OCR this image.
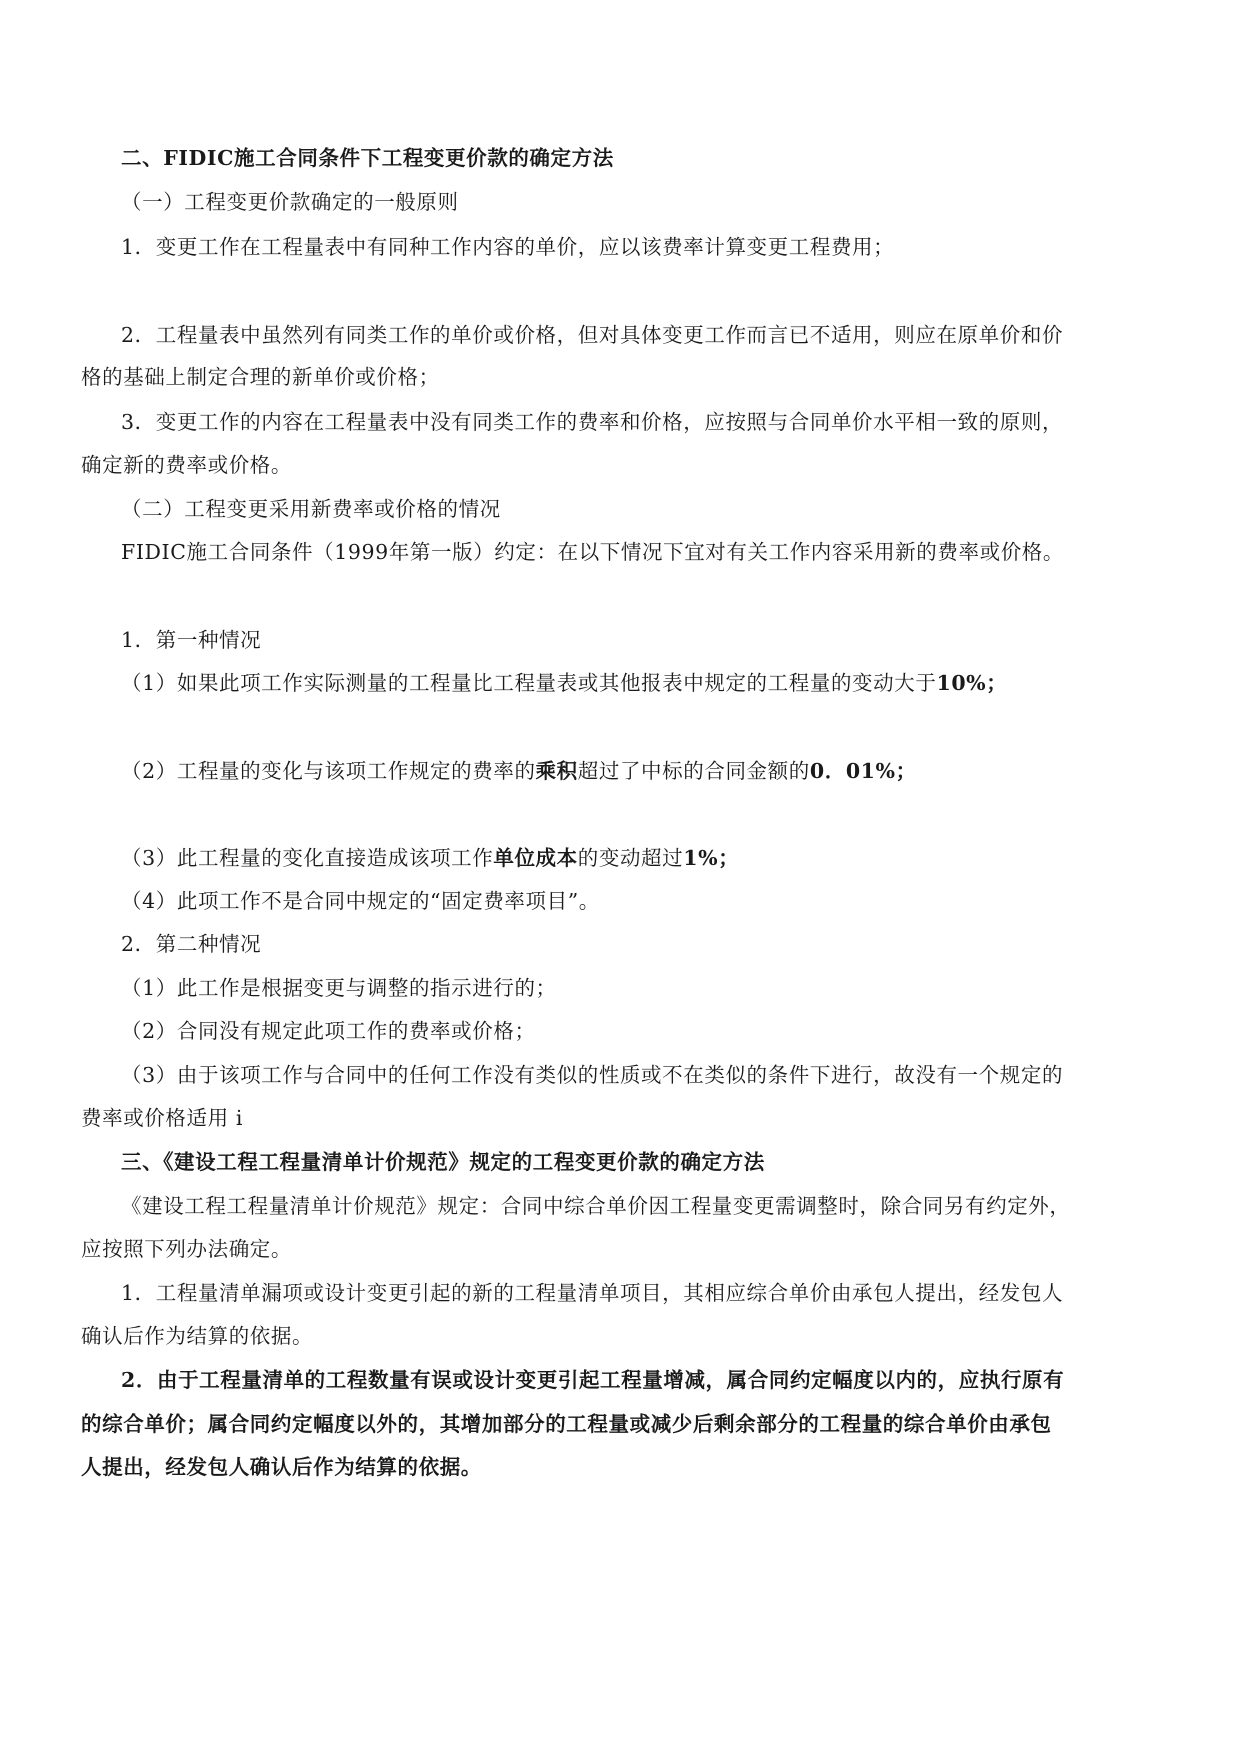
二、FIDIC施工合同条件下工程变更价款的确定方法
（一）工程变更价款确定的一般原则
1．变更工作在工程量表中有同种工作内容的单价，应以该费率计算变更工程费用；
2．工程量表中虽然列有同类工作的单价或价格，但对具体变更工作而言已不适用，则应在原单价和价
格的基础上制定合理的新单价或价格；
3．变更工作的内容在工程量表中没有同类工作的费率和价格，应按照与合同单价水平相一致的原则，
确定新的费率或价格。
（二）工程变更采用新费率或价格的情况
FIDIC施工合同条件（1999年第一版）约定：在以下情况下宜对有关工作内容采用新的费率或价格。
1．第一种情况
（1）如果此项工作实际测量的工程量比工程量表或其他报表中规定的工程量的变动大于10%；
（2）工程量的变化与该项工作规定的费率的乘积超过了中标的合同金额的0．01%；
（3）此工程量的变化直接造成该项工作单位成本的变动超过1%；
（4）此项工作不是合同中规定的“固定费率项目”。
2．第二种情况
（1）此工作是根据变更与调整的指示进行的；
（2）合同没有规定此项工作的费率或价格；
（3）由于该项工作与合同中的任何工作没有类似的性质或不在类似的条件下进行，故没有一个规定的
费率或价格适用 i
三、《建设工程工程量清单计价规范》规定的工程变更价款的确定方法
《建设工程工程量清单计价规范》规定：合同中综合单价因工程量变更需调整时，除合同另有约定外，
应按照下列办法确定。
1．工程量清单漏项或设计变更引起的新的工程量清单项目，其相应综合单价由承包人提出，经发包人
确认后作为结算的依据。
2．由于工程量清单的工程数量有误或设计变更引起工程量增减，属合同约定幅度以内的，应执行原有
的综合单价；属合同约定幅度以外的，其增加部分的工程量或减少后剩余部分的工程量的综合单价由承包
人提出，经发包人确认后作为结算的依据。
